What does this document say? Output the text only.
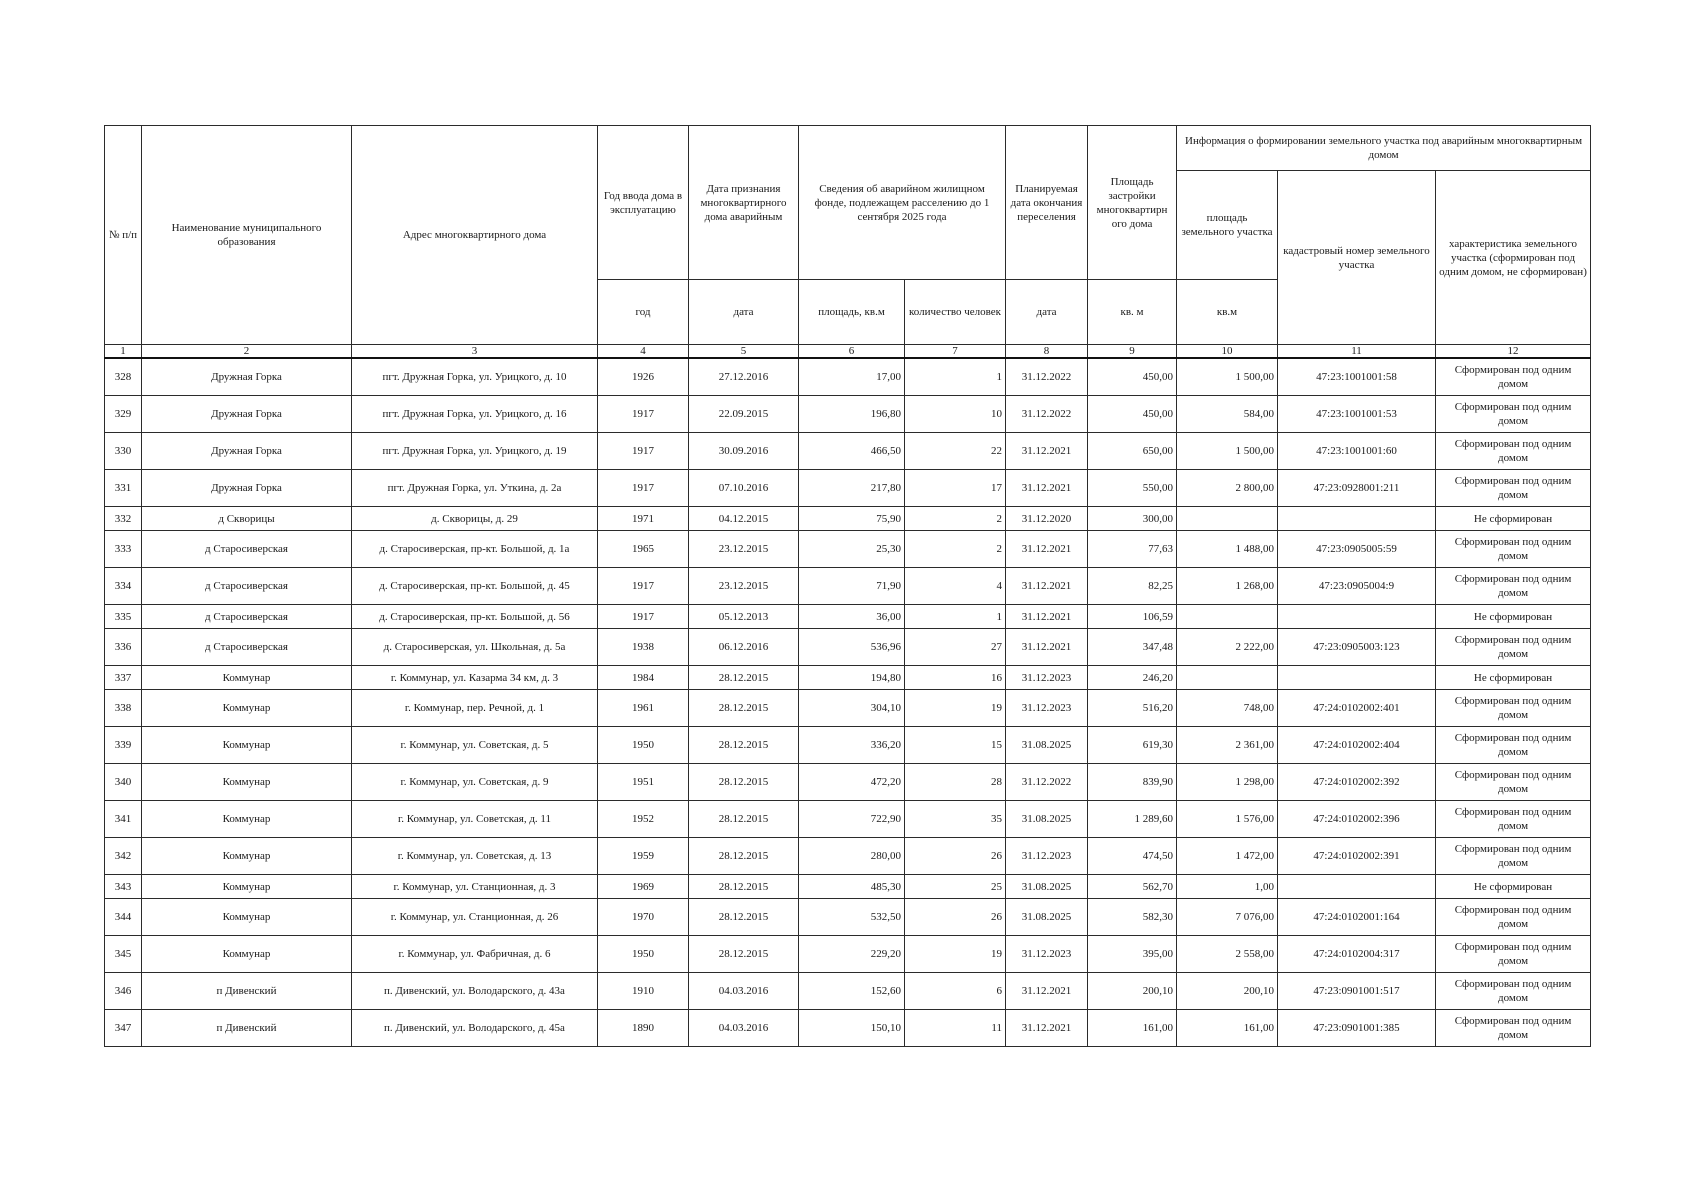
№ п/п	Наименование муниципального образования	Адрес многоквартирного дома	Год ввода дома в эксплуатацию	Дата признания многоквартирного дома аварийным	Сведения об аварийном жилищном фонде, подлежащем расселению до 1 сентября 2025 года		Планируемая дата окончания переселения	Площадь застройки многоквартирн ого дома	Информация о формировании земельного участка под аварийным многоквартирным домом		
									площадь земельного участка	кадастровый номер земельного участка	характеристика земельного участка (сформирован под одним домом, не сформирован)
			год	дата	площадь, кв.м	количество человек	дата	кв. м	кв.м		
1	2	3	4	5	6	7	8	9	10	11	12
328	Дружная Горка	пгт. Дружная Горка, ул. Урицкого, д. 10	1926	27.12.2016	17,00	1	31.12.2022	450,00	1 500,00	47:23:1001001:58	Сформирован под одним домом
329	Дружная Горка	пгт. Дружная Горка, ул. Урицкого, д. 16	1917	22.09.2015	196,80	10	31.12.2022	450,00	584,00	47:23:1001001:53	Сформирован под одним домом
330	Дружная Горка	пгт. Дружная Горка, ул. Урицкого, д. 19	1917	30.09.2016	466,50	22	31.12.2021	650,00	1 500,00	47:23:1001001:60	Сформирован под одним домом
331	Дружная Горка	пгт. Дружная Горка, ул. Уткина, д. 2а	1917	07.10.2016	217,80	17	31.12.2021	550,00	2 800,00	47:23:0928001:211	Сформирован под одним домом
332	д Скворицы	д. Скворицы, д. 29	1971	04.12.2015	75,90	2	31.12.2020	300,00			Не сформирован
333	д Старосиверская	д. Старосиверская, пр-кт. Большой, д. 1а	1965	23.12.2015	25,30	2	31.12.2021	77,63	1 488,00	47:23:0905005:59	Сформирован под одним домом
334	д Старосиверская	д. Старосиверская, пр-кт. Большой, д. 45	1917	23.12.2015	71,90	4	31.12.2021	82,25	1 268,00	47:23:0905004:9	Сформирован под одним домом
335	д Старосиверская	д. Старосиверская, пр-кт. Большой, д. 56	1917	05.12.2013	36,00	1	31.12.2021	106,59			Не сформирован
336	д Старосиверская	д. Старосиверская, ул. Школьная, д. 5а	1938	06.12.2016	536,96	27	31.12.2021	347,48	2 222,00	47:23:0905003:123	Сформирован под одним домом
337	Коммунар	г. Коммунар, ул. Казарма 34 км, д. 3	1984	28.12.2015	194,80	16	31.12.2023	246,20			Не сформирован
338	Коммунар	г. Коммунар, пер. Речной, д. 1	1961	28.12.2015	304,10	19	31.12.2023	516,20	748,00	47:24:0102002:401	Сформирован под одним домом
339	Коммунар	г. Коммунар, ул. Советская, д. 5	1950	28.12.2015	336,20	15	31.08.2025	619,30	2 361,00	47:24:0102002:404	Сформирован под одним домом
340	Коммунар	г. Коммунар, ул. Советская, д. 9	1951	28.12.2015	472,20	28	31.12.2022	839,90	1 298,00	47:24:0102002:392	Сформирован под одним домом
341	Коммунар	г. Коммунар, ул. Советская, д. 11	1952	28.12.2015	722,90	35	31.08.2025	1 289,60	1 576,00	47:24:0102002:396	Сформирован под одним домом
342	Коммунар	г. Коммунар, ул. Советская, д. 13	1959	28.12.2015	280,00	26	31.12.2023	474,50	1 472,00	47:24:0102002:391	Сформирован под одним домом
343	Коммунар	г. Коммунар, ул. Станционная, д. 3	1969	28.12.2015	485,30	25	31.08.2025	562,70	1,00		Не сформирован
344	Коммунар	г. Коммунар, ул. Станционная, д. 26	1970	28.12.2015	532,50	26	31.08.2025	582,30	7 076,00	47:24:0102001:164	Сформирован под одним домом
345	Коммунар	г. Коммунар, ул. Фабричная, д. 6	1950	28.12.2015	229,20	19	31.12.2023	395,00	2 558,00	47:24:0102004:317	Сформирован под одним домом
346	п Дивенский	п. Дивенский, ул. Володарского, д. 43а	1910	04.03.2016	152,60	6	31.12.2021	200,10	200,10	47:23:0901001:517	Сформирован под одним домом
347	п Дивенский	п. Дивенский, ул. Володарского, д. 45а	1890	04.03.2016	150,10	11	31.12.2021	161,00	161,00	47:23:0901001:385	Сформирован под одним домом
